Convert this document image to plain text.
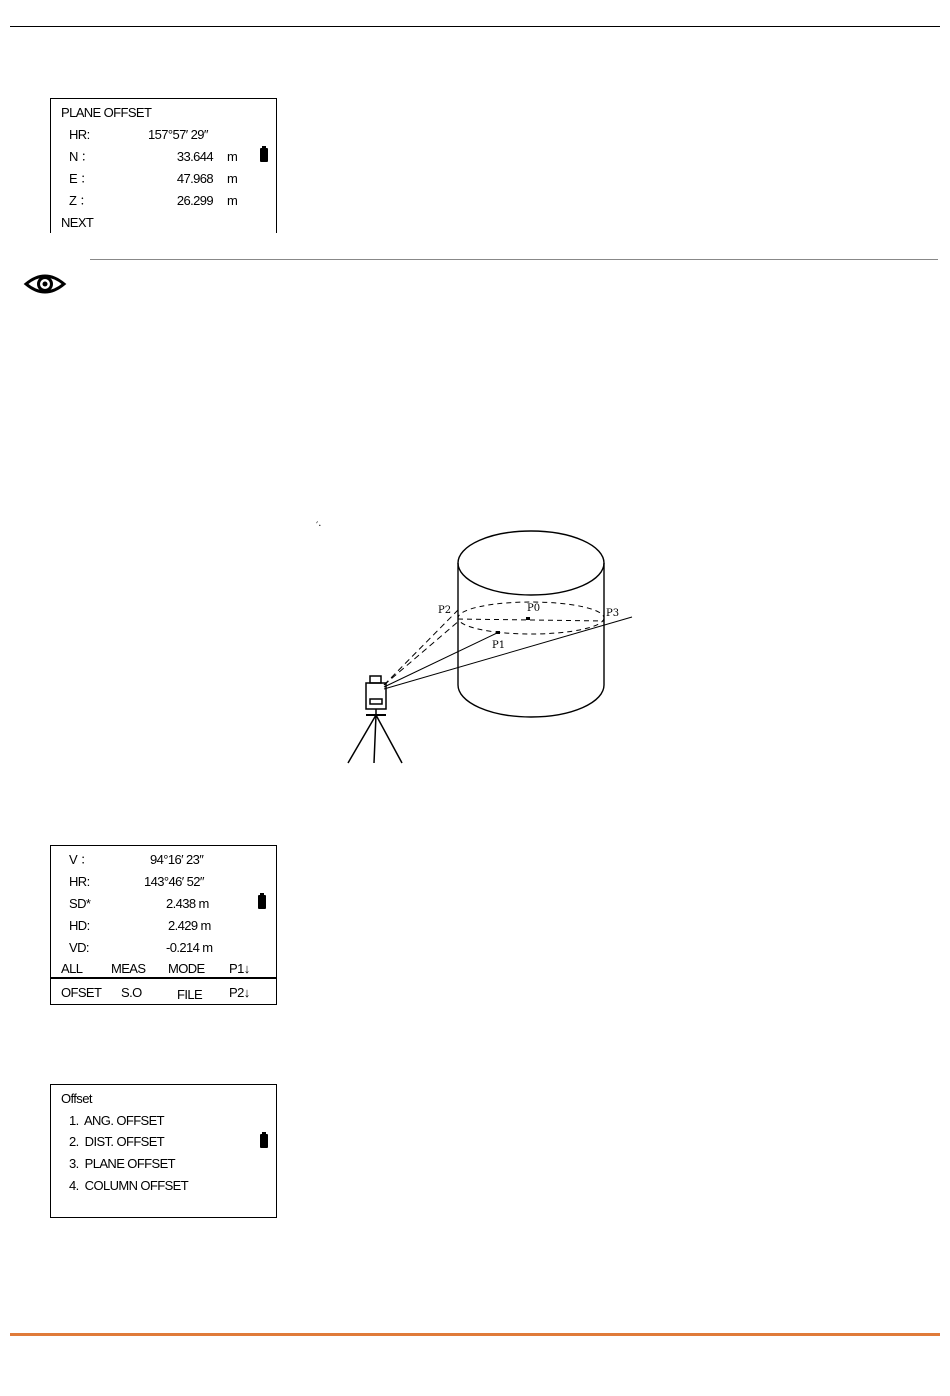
PLANE OFFSET
HR:	157°57′ 29″
N ：	33.644 m
E ：	47.968 m
Z ：	26.299 m
NEXT
′·
P2	P0	P3
P1
V ：	94°16′ 23″
HR:	143°46′ 52″
SD*	2.438 m
HD:	2.429 m
VD:	-0.214 m
ALL MEAS MODE P1↓
OFSET S.O	FILE P2↓
Offset
1.  ANG. OFFSET
2.  DIST. OFFSET
3.  PLANE OFFSET
4.  COLUMN OFFSET
